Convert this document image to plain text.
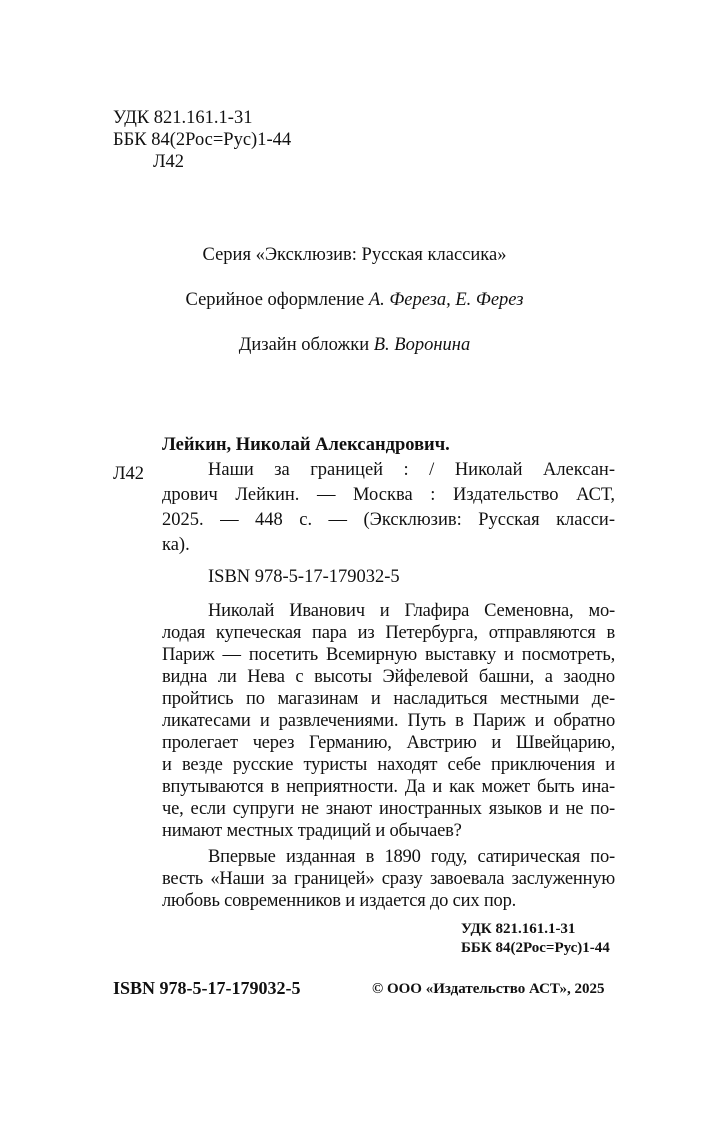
УДК 821.161.1-31
ББК 84(2Рос=Рус)1-44
Л42
Серия «Эксклюзив: Русская классика»
Серийное оформление А. Фереза, Е. Ферез
Дизайн обложки В. Воронина
Лейкин, Николай Александрович.
Л42	Наши за границей : / Николай Алексан-
дрович Лейкин. — Москва : Издательство АСТ,
2025. — 448 с. — (Эксклюзив: Русская класси-
ка).
ISBN 978-5-17-179032-5
Николай Иванович и Глафира Семеновна, мо-
лодая купеческая пара из Петербурга, отправляются в
Париж — посетить Всемирную выставку и посмотреть,
видна ли Нева с высоты Эйфелевой башни, а заодно
пройтись по магазинам и насладиться местными де-
ликатесами и развлечениями. Путь в Париж и обратно
пролегает через Германию, Австрию и Швейцарию,
и везде русские туристы находят себе приключения и
впутываются в неприятности. Да и как может быть ина-
че, если супруги не знают иностранных языков и не по-
нимают местных традиций и обычаев?
Впервые изданная в 1890 году, сатирическая по-
весть «Наши за границей» сразу завоевала заслуженную
любовь современников и издается до сих пор.
УДК 821.161.1-31
ББК 84(2Рос=Рус)1-44
ISBN 978-5-17-179032-5	© ООО «Издательство АСТ», 2025
